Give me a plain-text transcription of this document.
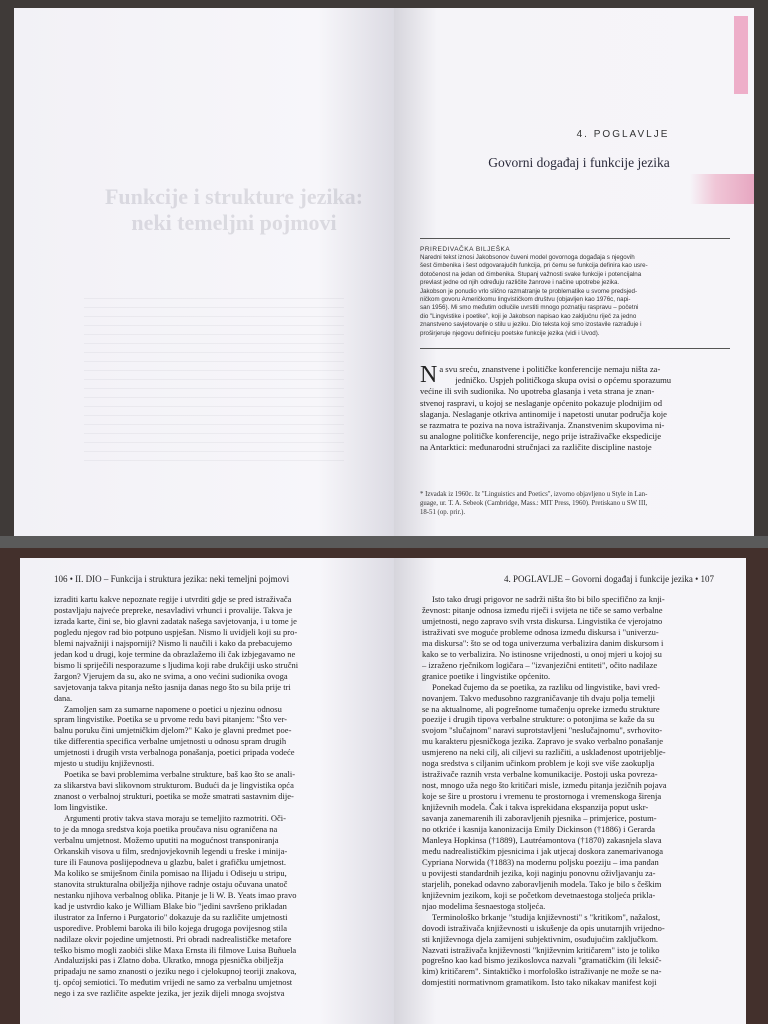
Funkcije i strukture jezika: neki temeljni pojmovi
4. POGLAVLJE
Govorni događaj i funkcije jezika
PRIREDIVAČKA BILJEŠKA
Naredni tekst iznosi Jakobsonov čuveni model govornoga događaja s njegovih
šest čimbenika i šest odgovarajućih funkcija, pri čemu se funkcija definira kao usre-
dotočenost na jedan od čimbenika. Stupanj važnosti svake funkcije i potencijalna
prevlast jedne od njih određuju različite žanrove i načine upotrebe jezika.
Jakobson je ponudio vrlo slično razmatranje te problematike u svome predsjed-
ničkom govoru Američkomu lingvističkom društvu (objavljen kao 1976c, napi-
san 1956). Mi smo međutim odlučile uvrstiti mnogo poznatiju raspravu – početni
dio "Lingvistike i poetike", koji je Jakobson napisao kao zaključnu riječ za jedno
znanstveno savjetovanje o stilu u jeziku. Dio teksta koji smo izostavile razrađuje i
proširjeruje njegovu definiciju poetske funkcije jezika (vidi i Uvod).
Na svu sreću, znanstvene i političke konferencije nemaju ništa za-
jedničko. Uspjeh političkoga skupa ovisi o općemu sporazumu
većine ili svih sudionika. No upotreba glasanja i veta strana je znan-
stvenoj raspravi, u kojoj se neslaganje općenito pokazuje plodnijim od
slaganja. Neslaganje otkriva antinomije i napetosti unutar područja koje
se razmatra te poziva na nova istraživanja. Znanstvenim skupovima ni-
su analogne političke konferencije, nego prije istraživačke ekspedicije
na Antarktici: međunarodni stručnjaci za različite discipline nastoje
* Izvadak iz 1960c. Iz "Linguistics and Poetics", izvorno objavljeno u Style in Lan-
guage, ur. T. A. Sebeok (Cambridge, Mass.: MIT Press, 1960). Pretiskano u SW III,
18-51 (op. prir.).
106 • II. DIO – Funkcija i struktura jezika: neki temeljni pojmovi
izraditi kartu kakve nepoznate regije i utvrditi gdje se pred istraživača
postavljaju najveće prepreke, nesavladivi vrhunci i provalije. Takva je
izrada karte, čini se, bio glavni zadatak našega savjetovanja, i u tome je
pogledu njegov rad bio potpuno uspješan. Nismo li uvidjeli koji su pro-
blemi najvažniji i najsporniji? Nismo li naučili i kako da prebacujemo
jedan kod u drugi, koje termine da obrazlažemo ili čak izbjegavamo ne
bismo li spriječili nesporazume s ljudima koji rabe drukčiji usko stručni
žargon? Vjerujem da su, ako ne svima, a ono većini sudionika ovoga
savjetovanja takva pitanja nešto jasnija danas nego što su bila prije tri
dana.
Zamoljen sam za sumarne napomene o poetici u njezinu odnosu
spram lingvistike. Poetika se u prvome redu bavi pitanjem: "Što ver-
balnu poruku čini umjetničkim djelom?" Kako je glavni predmet poe-
tike differentia specifica verbalne umjetnosti u odnosu spram drugih
umjetnosti i drugih vrsta verbalnoga ponašanja, poetici pripada vodeće
mjesto u studiju književnosti.
Poetika se bavi problemima verbalne strukture, baš kao što se anali-
za slikarstva bavi slikovnom strukturom. Budući da je lingvistika opća
znanost o verbalnoj strukturi, poetika se može smatrati sastavnim dije-
lom lingvistike.
Argumenti protiv takva stava moraju se temeljito razmotriti. Oči-
to je da mnoga sredstva koja poetika proučava nisu ograničena na
verbalnu umjetnost. Možemo uputiti na mogućnost transponiranja
Orkanskih visova u film, srednjovjekovnih legendi u freske i minija-
ture ili Faunova poslijepodneva u glazbu, balet i grafičku umjetnost.
Ma koliko se smiješnom činila pomisao na Ilijadu i Odiseju u stripu,
stanovita strukturalna obilježja njihove radnje ostaju očuvana unatoč
nestanku njihova verbalnog oblika. Pitanje je li W. B. Yeats imao pravo
kad je ustvrdio kako je William Blake bio "jedini savršeno prikladan
ilustrator za Inferno i Purgatorio" dokazuje da su različite umjetnosti
usporedive. Problemi baroka ili bilo kojega drugoga povijesnog stila
nadilaze okvir pojedine umjetnosti. Pri obradi nadrealističke metafore
teško bismo mogli zaobići slike Maxa Ernsta ili filmove Luisa Buñuela
Andaluzijski pas i Zlatno doba. Ukratko, mnoga pjesnička obilježja
pripadaju ne samo znanosti o jeziku nego i cjelokupnoj teoriji znakova,
tj. općoj semiotici. To međutim vrijedi ne samo za verbalnu umjetnost
nego i za sve različite aspekte jezika, jer jezik dijeli mnoga svojstva
4. POGLAVLJE – Govorni događaj i funkcije jezika • 107
Isto tako drugi prigovor ne sadrži ništa što bi bilo specifično za knji-
ževnost: pitanje odnosa između riječi i svijeta ne tiče se samo verbalne
umjetnosti, nego zapravo svih vrsta diskursa. Lingvistika će vjerojatno
istraživati sve moguće probleme odnosa između diskursa i "univerzu-
ma diskursa": što se od toga univerzuma verbalizira danim diskursom i
kako se to verbalizira. No istinosne vrijednosti, u onoj mjeri u kojoj su
– izraženo rječnikom logičara – "izvanjezični entiteti", očito nadilaze
granice poetike i lingvistike općenito.
Ponekad čujemo da se poetika, za razliku od lingvistike, bavi vred-
novanjem. Takvo međusobno razgraničavanje tih dvaju polja temelji
se na aktualnome, ali pogrešnome tumačenju opreke između strukture
poezije i drugih tipova verbalne strukture: o potonjima se kaže da su
svojom "slučajnom" naravi suprotstavljeni "neslučajnomu", svrhovito-
mu karakteru pjesničkoga jezika. Zapravo je svako verbalno ponašanje
usmjereno na neki cilj, ali ciljevi su različiti, a usklađenost upotrijeblje-
noga sredstva s ciljanim učinkom problem je koji sve više zaokuplja
istraživače raznih vrsta verbalne komunikacije. Postoji uska povreza-
nost, mnogo uža nego što kritičari misle, između pitanja jezičnih pojava
koje se šire u prostoru i vremenu te prostornoga i vremenskoga širenja
književnih modela. Čak i takva isprekidana ekspanzija poput uskr-
savanja zanemarenih ili zaboravljenih pjesnika – primjerice, postum-
no otkriće i kasnija kanonizacija Emily Dickinson (†1886) i Gerarda
Manleya Hopkinsa (†1889), Lautréamontova (†1870) zakasnjela slava
među nadrealističkim pjesnicima i jak utjecaj doskora zanemarivanoga
Cypriana Norwida (†1883) na modernu poljsku poeziju – ima pandan
u povijesti standardnih jezika, koji naginju ponovnu oživljavanju za-
starjelih, ponekad odavno zaboravljenih modela. Tako je bilo s češkim
književnim jezikom, koji se početkom devetnaestoga stoljeća prikla-
njao modelima šesnaestoga stoljeća.
Terminološko brkanje "studija književnosti" s "kritikom", nažalost,
dovodi istraživača književnosti u iskušenje da opis unutarnjih vrijedno-
sti književnoga djela zamijeni subjektivnim, osuđujućim zaključkom.
Nazvati istraživača književnosti "književnim kritičarem" isto je toliko
pogrešno kao kad bismo jezikoslovca nazvali "gramatičkim (ili leksič-
kim) kritičarem". Sintaktičko i morfološko istraživanje ne može se na-
domjestiti normativnom gramatikom. Isto tako nikakav manifest koji
